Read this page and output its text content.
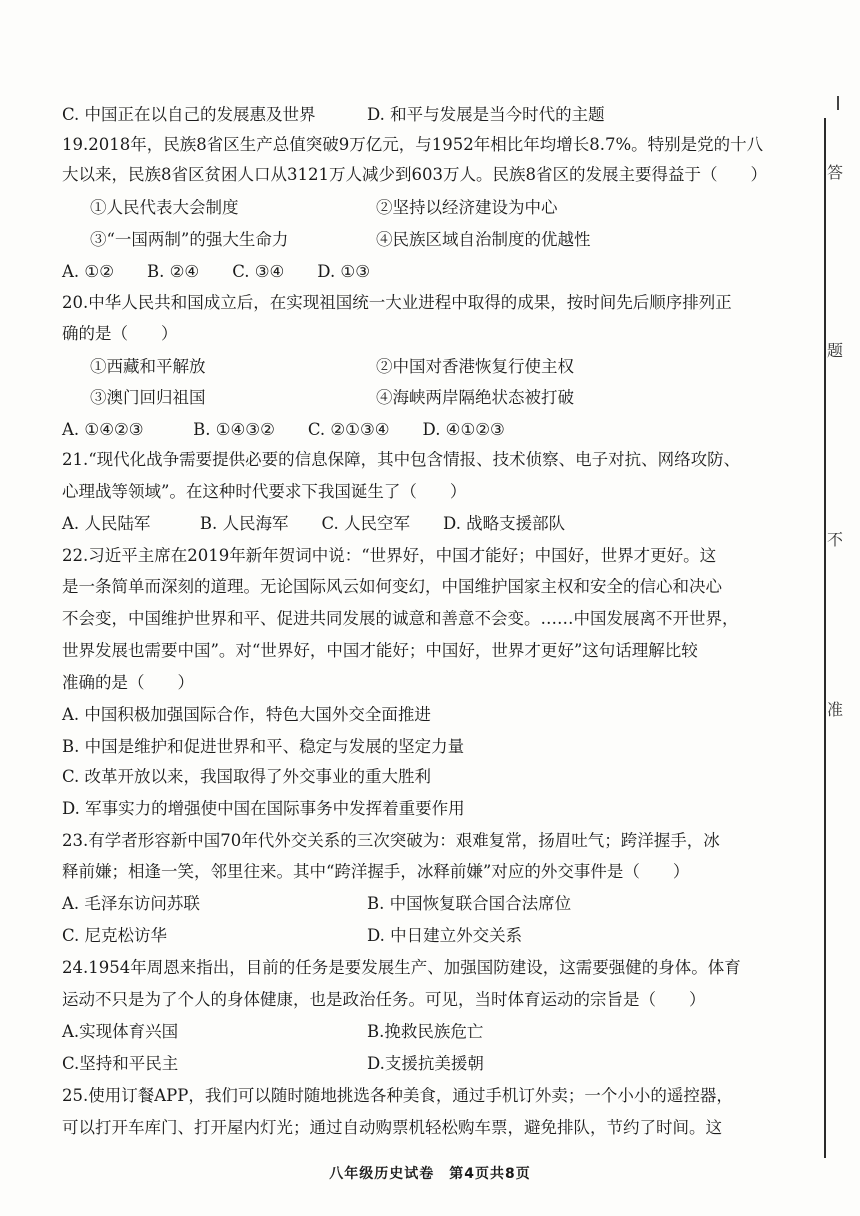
C. 中国正在以自己的发展惠及世界	D. 和平与发展是当今时代的主题
19.2018年，民族8省区生产总值突破9万亿元，与1952年相比年均增长8.7%。特别是党的十八
大以来，民族8省区贫困人口从3121万人减少到603万人。民族8省区的发展主要得益于（　　）
①人民代表大会制度	②坚持以经济建设为中心
③“一国两制”的强大生命力	④民族区域自治制度的优越性
A. ①②　　B. ②④　　C. ③④　　D. ①③
20.中华人民共和国成立后，在实现祖国统一大业进程中取得的成果，按时间先后顺序排列正
确的是（　　）
①西藏和平解放	②中国对香港恢复行使主权
③澳门回归祖国	④海峡两岸隔绝状态被打破
A. ①④②③　　　B. ①④③②　　C. ②①③④　　D. ④①②③
21.“现代化战争需要提供必要的信息保障，其中包含情报、技术侦察、电子对抗、网络攻防、
心理战等领域”。在这种时代要求下我国诞生了（　　）
A. 人民陆军　　　B. 人民海军　　C. 人民空军　　D. 战略支援部队
22.习近平主席在2019年新年贺词中说：“世界好，中国才能好；中国好，世界才更好。这
是一条简单而深刻的道理。无论国际风云如何变幻，中国维护国家主权和安全的信心和决心
不会变，中国维护世界和平、促进共同发展的诚意和善意不会变。……中国发展离不开世界，
世界发展也需要中国”。对“世界好，中国才能好；中国好，世界才更好”这句话理解比较
准确的是（　　）
A. 中国积极加强国际合作，特色大国外交全面推进
B. 中国是维护和促进世界和平、稳定与发展的坚定力量
C. 改革开放以来，我国取得了外交事业的重大胜利
D. 军事实力的增强使中国在国际事务中发挥着重要作用
23.有学者形容新中国70年代外交关系的三次突破为：艰难复常，扬眉吐气；跨洋握手，冰
释前嫌；相逢一笑，邻里往来。其中“跨洋握手，冰释前嫌”对应的外交事件是（　　）
A. 毛泽东访问苏联	B. 中国恢复联合国合法席位
C. 尼克松访华	D. 中日建立外交关系
24.1954年周恩来指出，目前的任务是要发展生产、加强国防建设，这需要强健的身体。体育
运动不只是为了个人的身体健康，也是政治任务。可见，当时体育运动的宗旨是（　　）
A.实现体育兴国	B.挽救民族危亡
C.坚持和平民主	D.支援抗美援朝
25.使用订餐APP，我们可以随时随地挑选各种美食，通过手机订外卖；一个小小的遥控器，
可以打开车库门、打开屋内灯光；通过自动购票机轻松购车票，避免排队，节约了时间。这
八年级历史试卷　第4页共8页
答
题
不
准
